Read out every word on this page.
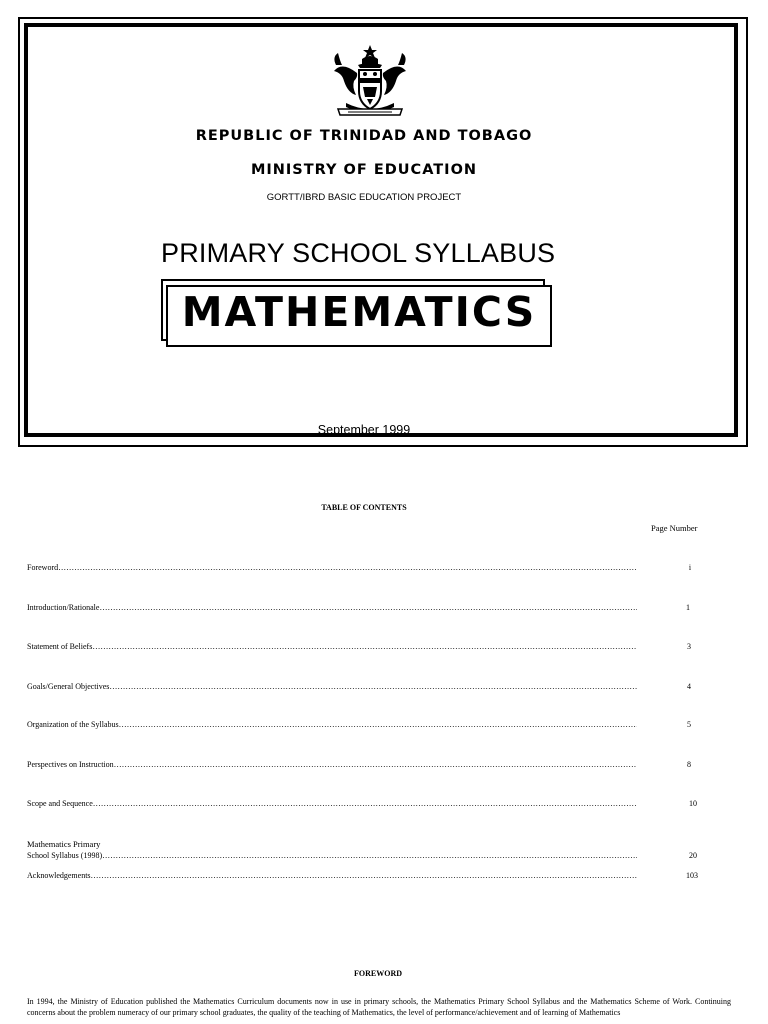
REPUBLIC OF TRINIDAD AND TOBAGO
MINISTRY OF EDUCATION
GORTT/IBRD BASIC EDUCATION PROJECT
PRIMARY SCHOOL SYLLABUS
MATHEMATICS
September 1999
TABLE OF CONTENTS
Page Number
Foreword …………………………………………………………………………………………………………………………………………………………………………………………………………………………………………………………………………	i
Introduction/Rationale …………………………………………………………………………………………………………………………………………………………………………………………………………………………………………………………………………	1
Statement of Beliefs …………………………………………………………………………………………………………………………………………………………………………………………………………………………………………………………………………	3
Goals/General Objectives …………………………………………………………………………………………………………………………………………………………………………………………………………………………………………………………………………	4
Organization of the Syllabus …………………………………………………………………………………………………………………………………………………………………………………………………………………………………………………………………………	5
Perspectives on Instruction …………………………………………………………………………………………………………………………………………………………………………………………………………………………………………………………………………	8
Scope and Sequence …………………………………………………………………………………………………………………………………………………………………………………………………………………………………………………………………………	10
Mathematics Primary
School Syllabus (1998) …………………………………………………………………………………………………………………………………………………………………………………………………………………………………………………………………………	20
Acknowledgements …………………………………………………………………………………………………………………………………………………………………………………………………………………………………………………………………………	103
FOREWORD
In 1994, the Ministry of Education published the Mathematics Curriculum documents now in use in primary schools, the Mathematics Primary School Syllabus and the Mathematics Scheme of Work. Continuing concerns about the problem numeracy of our primary school graduates, the quality of the teaching of Mathematics, the level of performance/achievement and of learning of Mathematics
